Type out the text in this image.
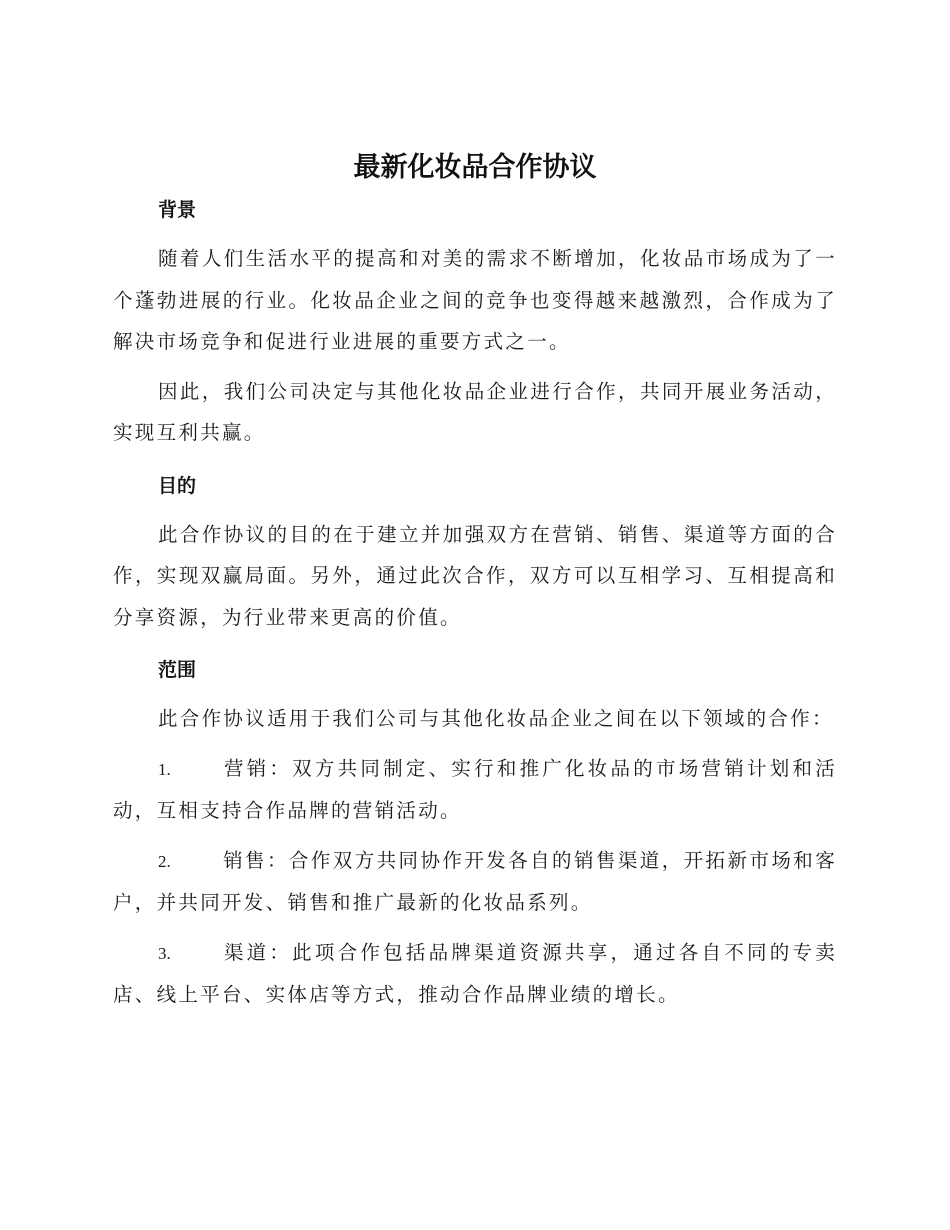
最新化妆品合作协议
背景

随着人们生活水平的提高和对美的需求不断增加，化妆品市场成为了一个蓬勃进展的行业。化妆品企业之间的竞争也变得越来越激烈，合作成为了解决市场竞争和促进行业进展的重要方式之一。

因此，我们公司决定与其他化妆品企业进行合作，共同开展业务活动，实现互利共赢。

目的

此合作协议的目的在于建立并加强双方在营销、销售、渠道等方面的合作，实现双赢局面。另外，通过此次合作，双方可以互相学习、互相提高和分享资源，为行业带来更高的价值。

范围

此合作协议适用于我们公司与其他化妆品企业之间在以下领域的合作：

1.	营销：双方共同制定、实行和推广化妆品的市场营销计划和活动，互相支持合作品牌的营销活动。

2.	销售：合作双方共同协作开发各自的销售渠道，开拓新市场和客户，并共同开发、销售和推广最新的化妆品系列。

3.	渠道：此项合作包括品牌渠道资源共享，通过各自不同的专卖店、线上平台、实体店等方式，推动合作品牌业绩的增长。
